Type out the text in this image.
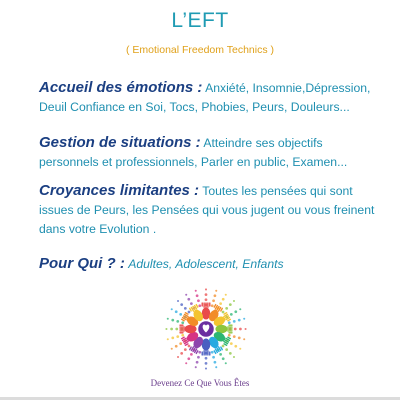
L’EFT
( Emotional Freedom Technics )
Accueil des émotions : Anxiété, Insomnie,Dépression, Deuil Confiance en Soi, Tocs, Phobies, Peurs, Douleurs...
Gestion de situations : Atteindre ses objectifs personnels et professionnels, Parler en public, Examen...
Croyances limitantes : Toutes les pensées qui sont issues de Peurs, les Pensées qui vous jugent ou vous freinent dans votre Evolution .
Pour Qui ? : Adultes, Adolescent, Enfants
Devenez Ce Que Vous Êtes
